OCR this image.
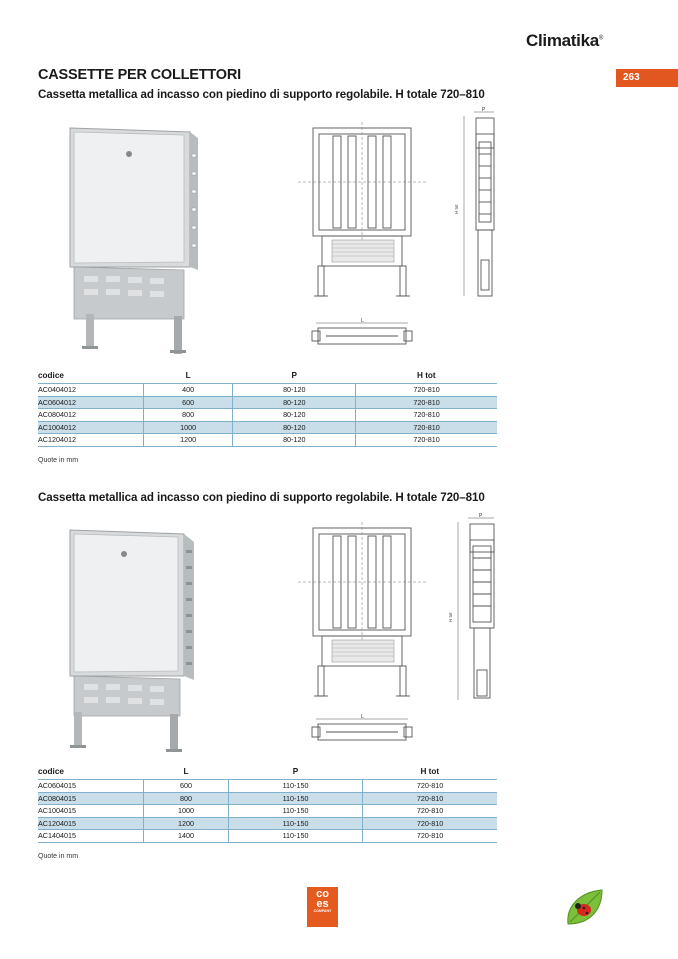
Climatika®
263
CASSETTE PER COLLETTORI
Cassetta metallica ad incasso con piedino di supporto regolabile. H totale 720–810
L
P
H tot
codice	L	P	H tot
AC0404012	400	80-120	720-810
AC0604012	600	80-120	720-810
AC0804012	800	80-120	720-810
AC1004012	1000	80-120	720-810
AC1204012	1200	80-120	720-810
Quote in mm
Cassetta metallica ad incasso con piedino di supporto regolabile. H totale 720–810
L
P
H tot
codice	L	P	H tot
AC0604015	600	110-150	720-810
AC0804015	800	110-150	720-810
AC1004015	1000	110-150	720-810
AC1204015	1200	110-150	720-810
AC1404015	1400	110-150	720-810
Quote in mm
co
es
COMPANY
